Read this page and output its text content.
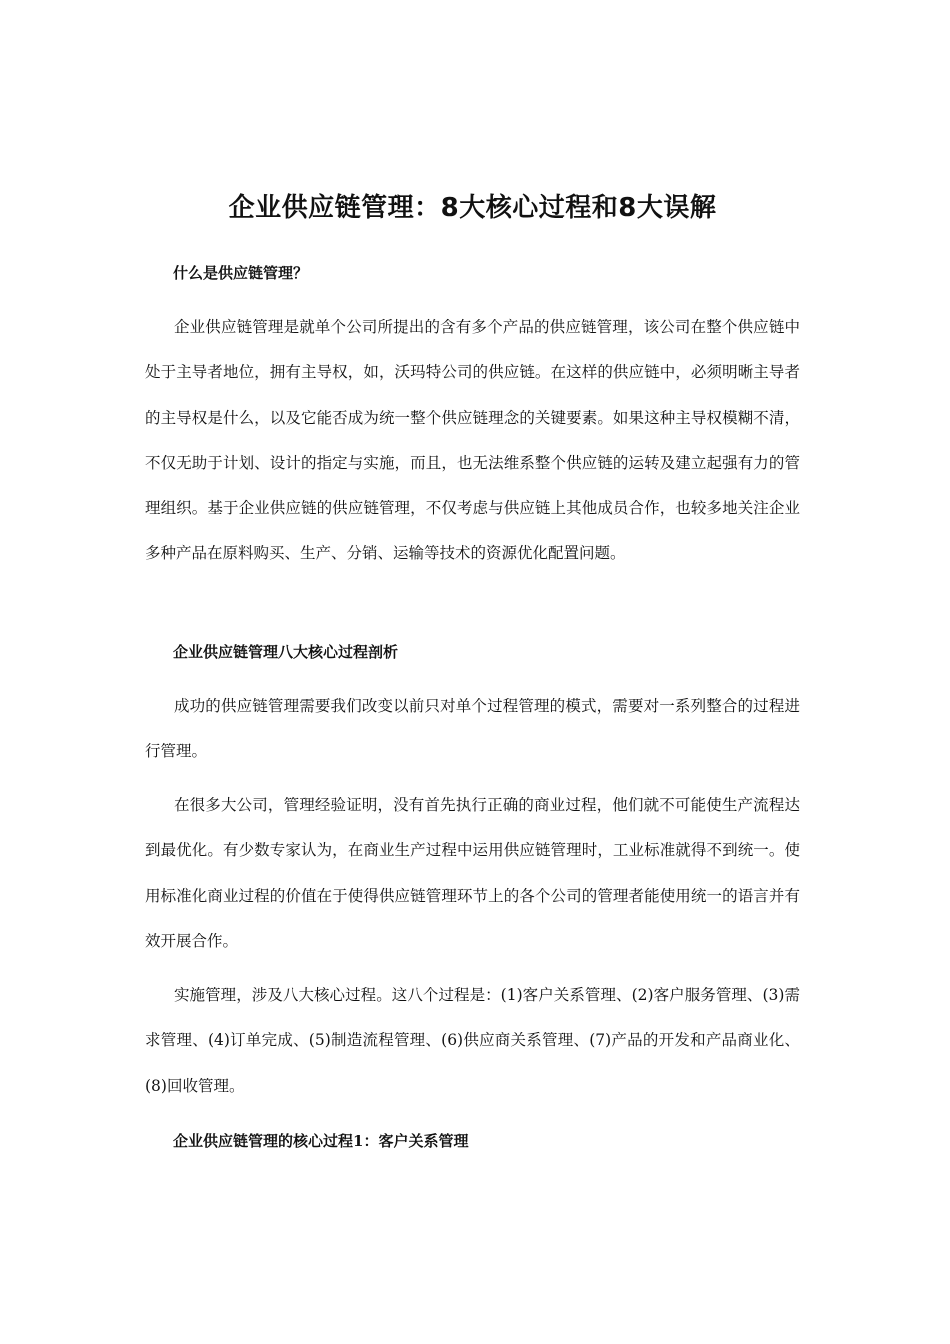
企业供应链管理：8大核心过程和8大误解
什么是供应链管理？

企业供应链管理是就单个公司所提出的含有多个产品的供应链管理，该公司在整个供应链中处于主导者地位，拥有主导权，如，沃玛特公司的供应链。在这样的供应链中，必须明晰主导者的主导权是什么，以及它能否成为统一整个供应链理念的关键要素。如果这种主导权模糊不清，不仅无助于计划、设计的指定与实施，而且，也无法维系整个供应链的运转及建立起强有力的管理组织。基于企业供应链的供应链管理，不仅考虑与供应链上其他成员合作，也较多地关注企业多种产品在原料购买、生产、分销、运输等技术的资源优化配置问题。

企业供应链管理八大核心过程剖析

成功的供应链管理需要我们改变以前只对单个过程管理的模式，需要对一系列整合的过程进行管理。

在很多大公司，管理经验证明，没有首先执行正确的商业过程，他们就不可能使生产流程达到最优化。有少数专家认为，在商业生产过程中运用供应链管理时，工业标准就得不到统一。使用标准化商业过程的价值在于使得供应链管理环节上的各个公司的管理者能使用统一的语言并有效开展合作。

实施管理，涉及八大核心过程。这八个过程是：(1)客户关系管理、(2)客户服务管理、(3)需求管理、(4)订单完成、(5)制造流程管理、(6)供应商关系管理、(7)产品的开发和产品商业化、(8)回收管理。

企业供应链管理的核心过程1：客户关系管理
